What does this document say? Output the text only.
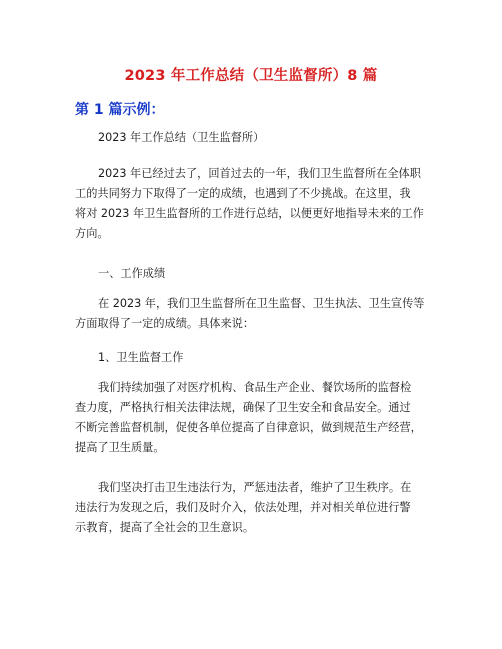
2023 年工作总结（卫生监督所）8 篇
第 1 篇示例：

2023 年工作总结（卫生监督所）

2023 年已经过去了，回首过去的一年，我们卫生监督所在全体职
工的共同努力下取得了一定的成绩，也遇到了不少挑战。在这里，我
将对 2023 年卫生监督所的工作进行总结，以便更好地指导未来的工作
方向。

一、工作成绩

在 2023 年，我们卫生监督所在卫生监督、卫生执法、卫生宣传等
方面取得了一定的成绩。具体来说：

1、卫生监督工作

我们持续加强了对医疗机构、食品生产企业、餐饮场所的监督检
查力度，严格执行相关法律法规，确保了卫生安全和食品安全。通过
不断完善监督机制，促使各单位提高了自律意识，做到规范生产经营，
提高了卫生质量。

我们坚决打击卫生违法行为，严惩违法者，维护了卫生秩序。在
违法行为发现之后，我们及时介入，依法处理，并对相关单位进行警
示教育，提高了全社会的卫生意识。
